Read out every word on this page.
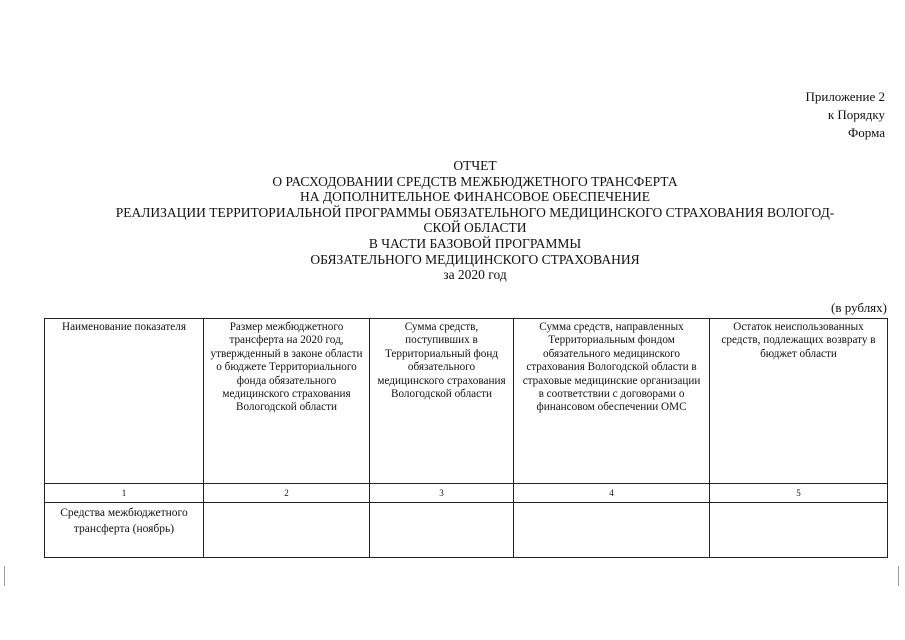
Приложение 2
к Порядку
Форма
ОТЧЕТ
О РАСХОДОВАНИИ СРЕДСТВ МЕЖБЮДЖЕТНОГО ТРАНСФЕРТА
НА ДОПОЛНИТЕЛЬНОЕ ФИНАНСОВОЕ ОБЕСПЕЧЕНИЕ
РЕАЛИЗАЦИИ ТЕРРИТОРИАЛЬНОЙ ПРОГРАММЫ ОБЯЗАТЕЛЬНОГО МЕДИЦИНСКОГО СТРАХОВАНИЯ ВОЛОГОД-
СКОЙ ОБЛАСТИ
В ЧАСТИ БАЗОВОЙ ПРОГРАММЫ
ОБЯЗАТЕЛЬНОГО МЕДИЦИНСКОГО СТРАХОВАНИЯ
за 2020 год
(в рублях)
Наименование показателя	Размер межбюджетного трансферта на 2020 год, утвержденный в законе области о бюджете Территориального фонда обязательного медицинского страхования Вологодской области	Сумма средств, поступивших в Территориальный фонд обязательного медицинского страхования Вологодской области	Сумма средств, направленных Территориальным фондом обязательного медицинского страхования Вологодской области в страховые медицинские организации в соответствии с договорами о финансовом обеспечении ОМС	Остаток неиспользованных средств, подлежащих возврату в бюджет области
1	2	3	4	5
Средства межбюджетного трансферта (ноябрь)				
